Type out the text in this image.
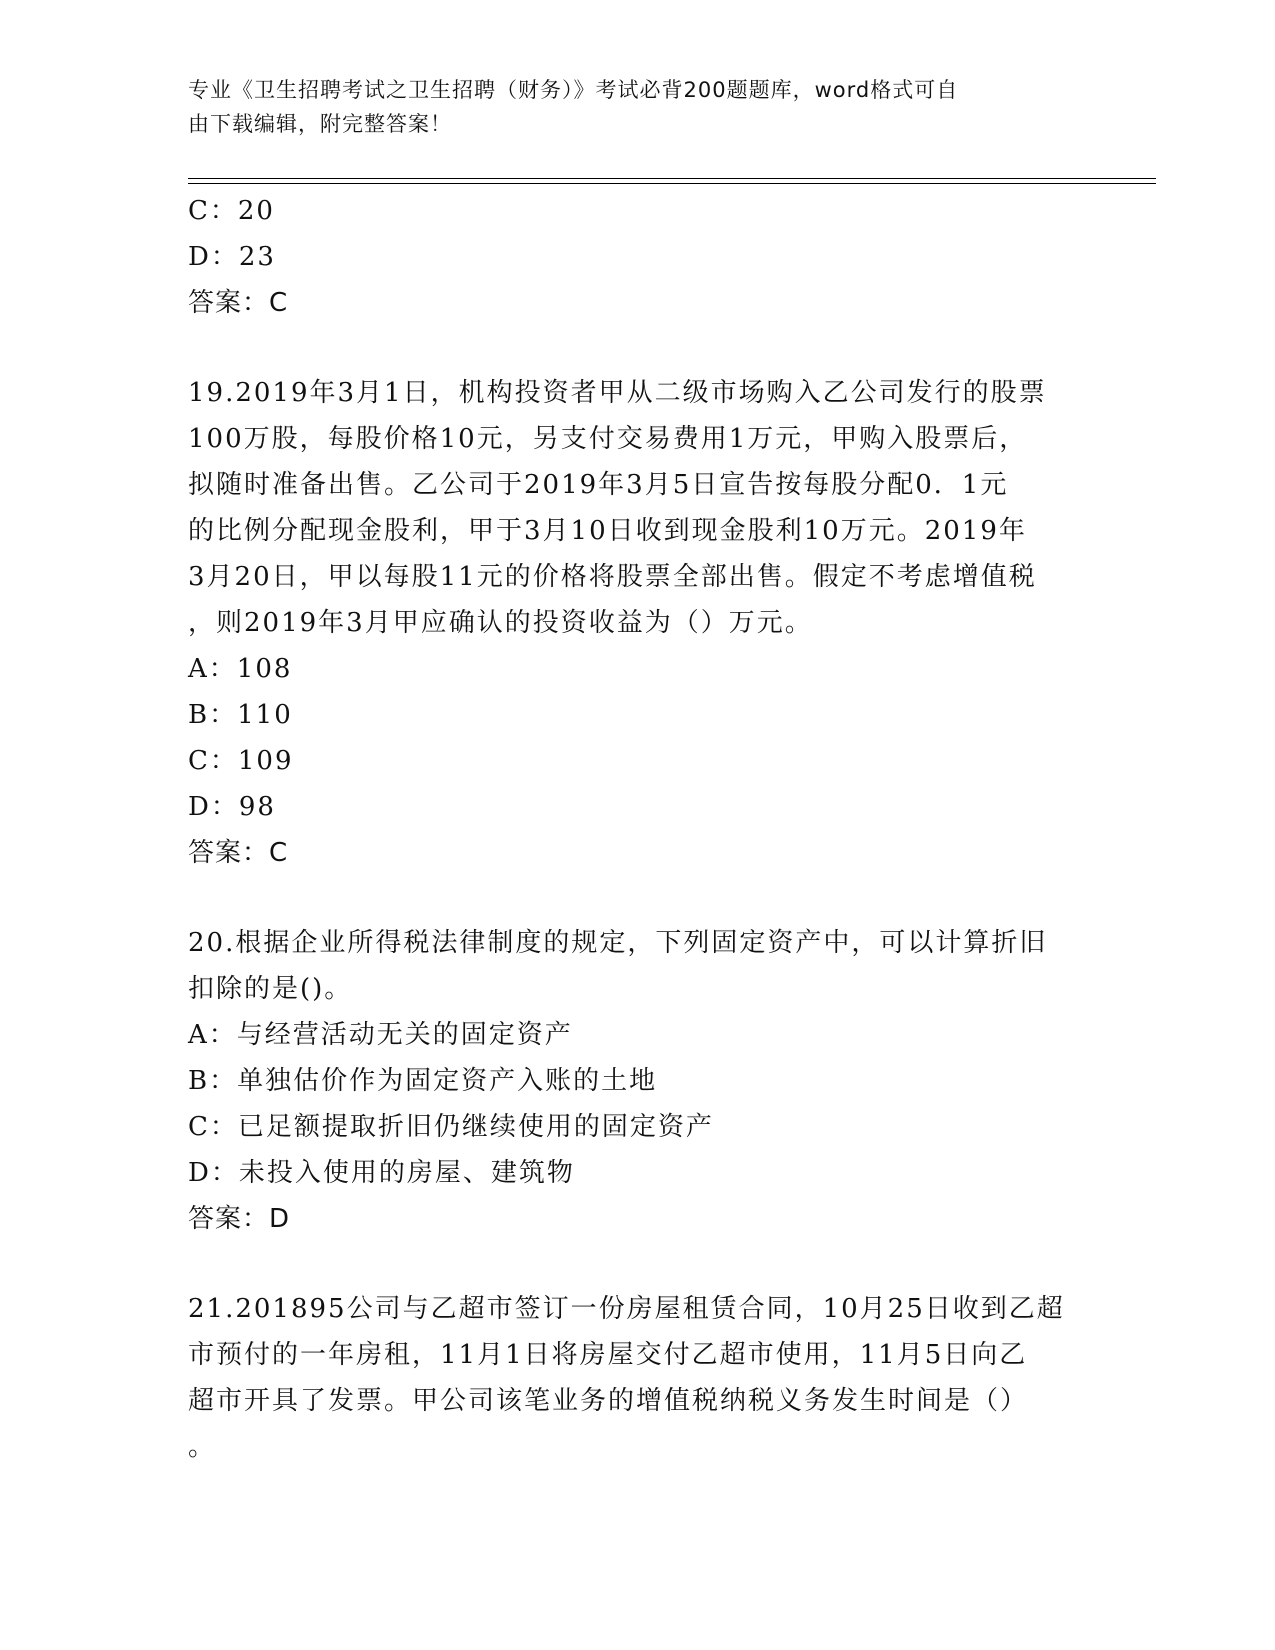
专业《卫生招聘考试之卫生招聘（财务）》考试必背200题题库，word格式可自
由下载编辑，附完整答案！
C：20
D：23
答案：C
19.2019年3月1日，机构投资者甲从二级市场购入乙公司发行的股票
100万股，每股价格10元，另支付交易费用1万元，甲购入股票后，
拟随时准备出售。乙公司于2019年3月5日宣告按每股分配0．1元
的比例分配现金股利，甲于3月10日收到现金股利10万元。2019年
3月20日，甲以每股11元的价格将股票全部出售。假定不考虑增值税
，则2019年3月甲应确认的投资收益为（）万元。
A：108
B：110
C：109
D：98
答案：C
20.根据企业所得税法律制度的规定，下列固定资产中，可以计算折旧
扣除的是()。
A：与经营活动无关的固定资产
B：单独估价作为固定资产入账的土地
C：已足额提取折旧仍继续使用的固定资产
D：未投入使用的房屋、建筑物
答案：D
21.201895公司与乙超市签订一份房屋租赁合同，10月25日收到乙超
市预付的一年房租，11月1日将房屋交付乙超市使用，11月5日向乙
超市开具了发票。甲公司该笔业务的增值税纳税义务发生时间是（）
。
